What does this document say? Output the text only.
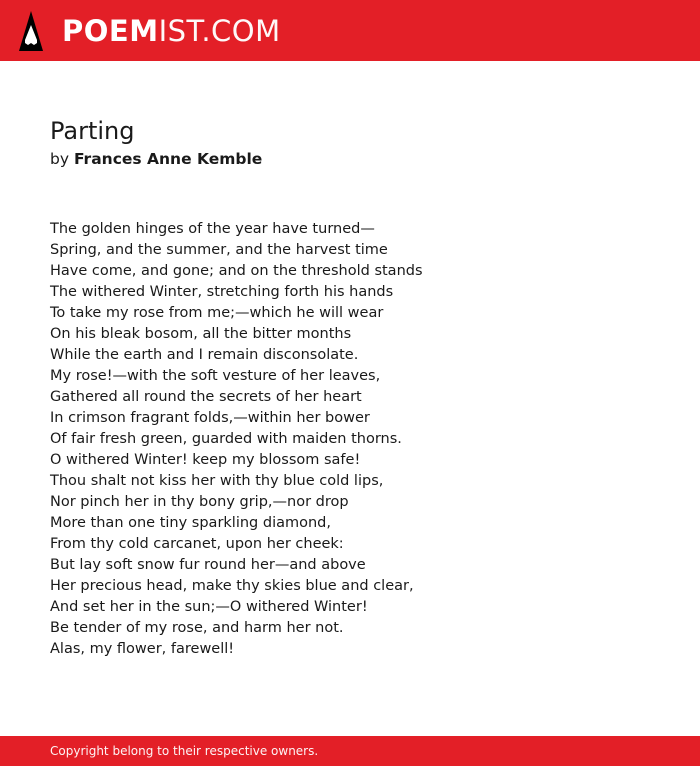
POEMIST.COM
Parting
by Frances Anne Kemble
The golden hinges of the year have turned—
Spring, and the summer, and the harvest time
Have come, and gone; and on the threshold stands
The withered Winter, stretching forth his hands
To take my rose from me;—which he will wear
On his bleak bosom, all the bitter months
While the earth and I remain disconsolate.
My rose!—with the soft vesture of her leaves,
Gathered all round the secrets of her heart
In crimson fragrant folds,—within her bower
Of fair fresh green, guarded with maiden thorns.
O withered Winter! keep my blossom safe!
Thou shalt not kiss her with thy blue cold lips,
Nor pinch her in thy bony grip,—nor drop
More than one tiny sparkling diamond,
From thy cold carcanet, upon her cheek:
But lay soft snow fur round her—and above
Her precious head, make thy skies blue and clear,
And set her in the sun;—O withered Winter!
Be tender of my rose, and harm her not.
Alas, my flower, farewell!
Copyright belong to their respective owners.
